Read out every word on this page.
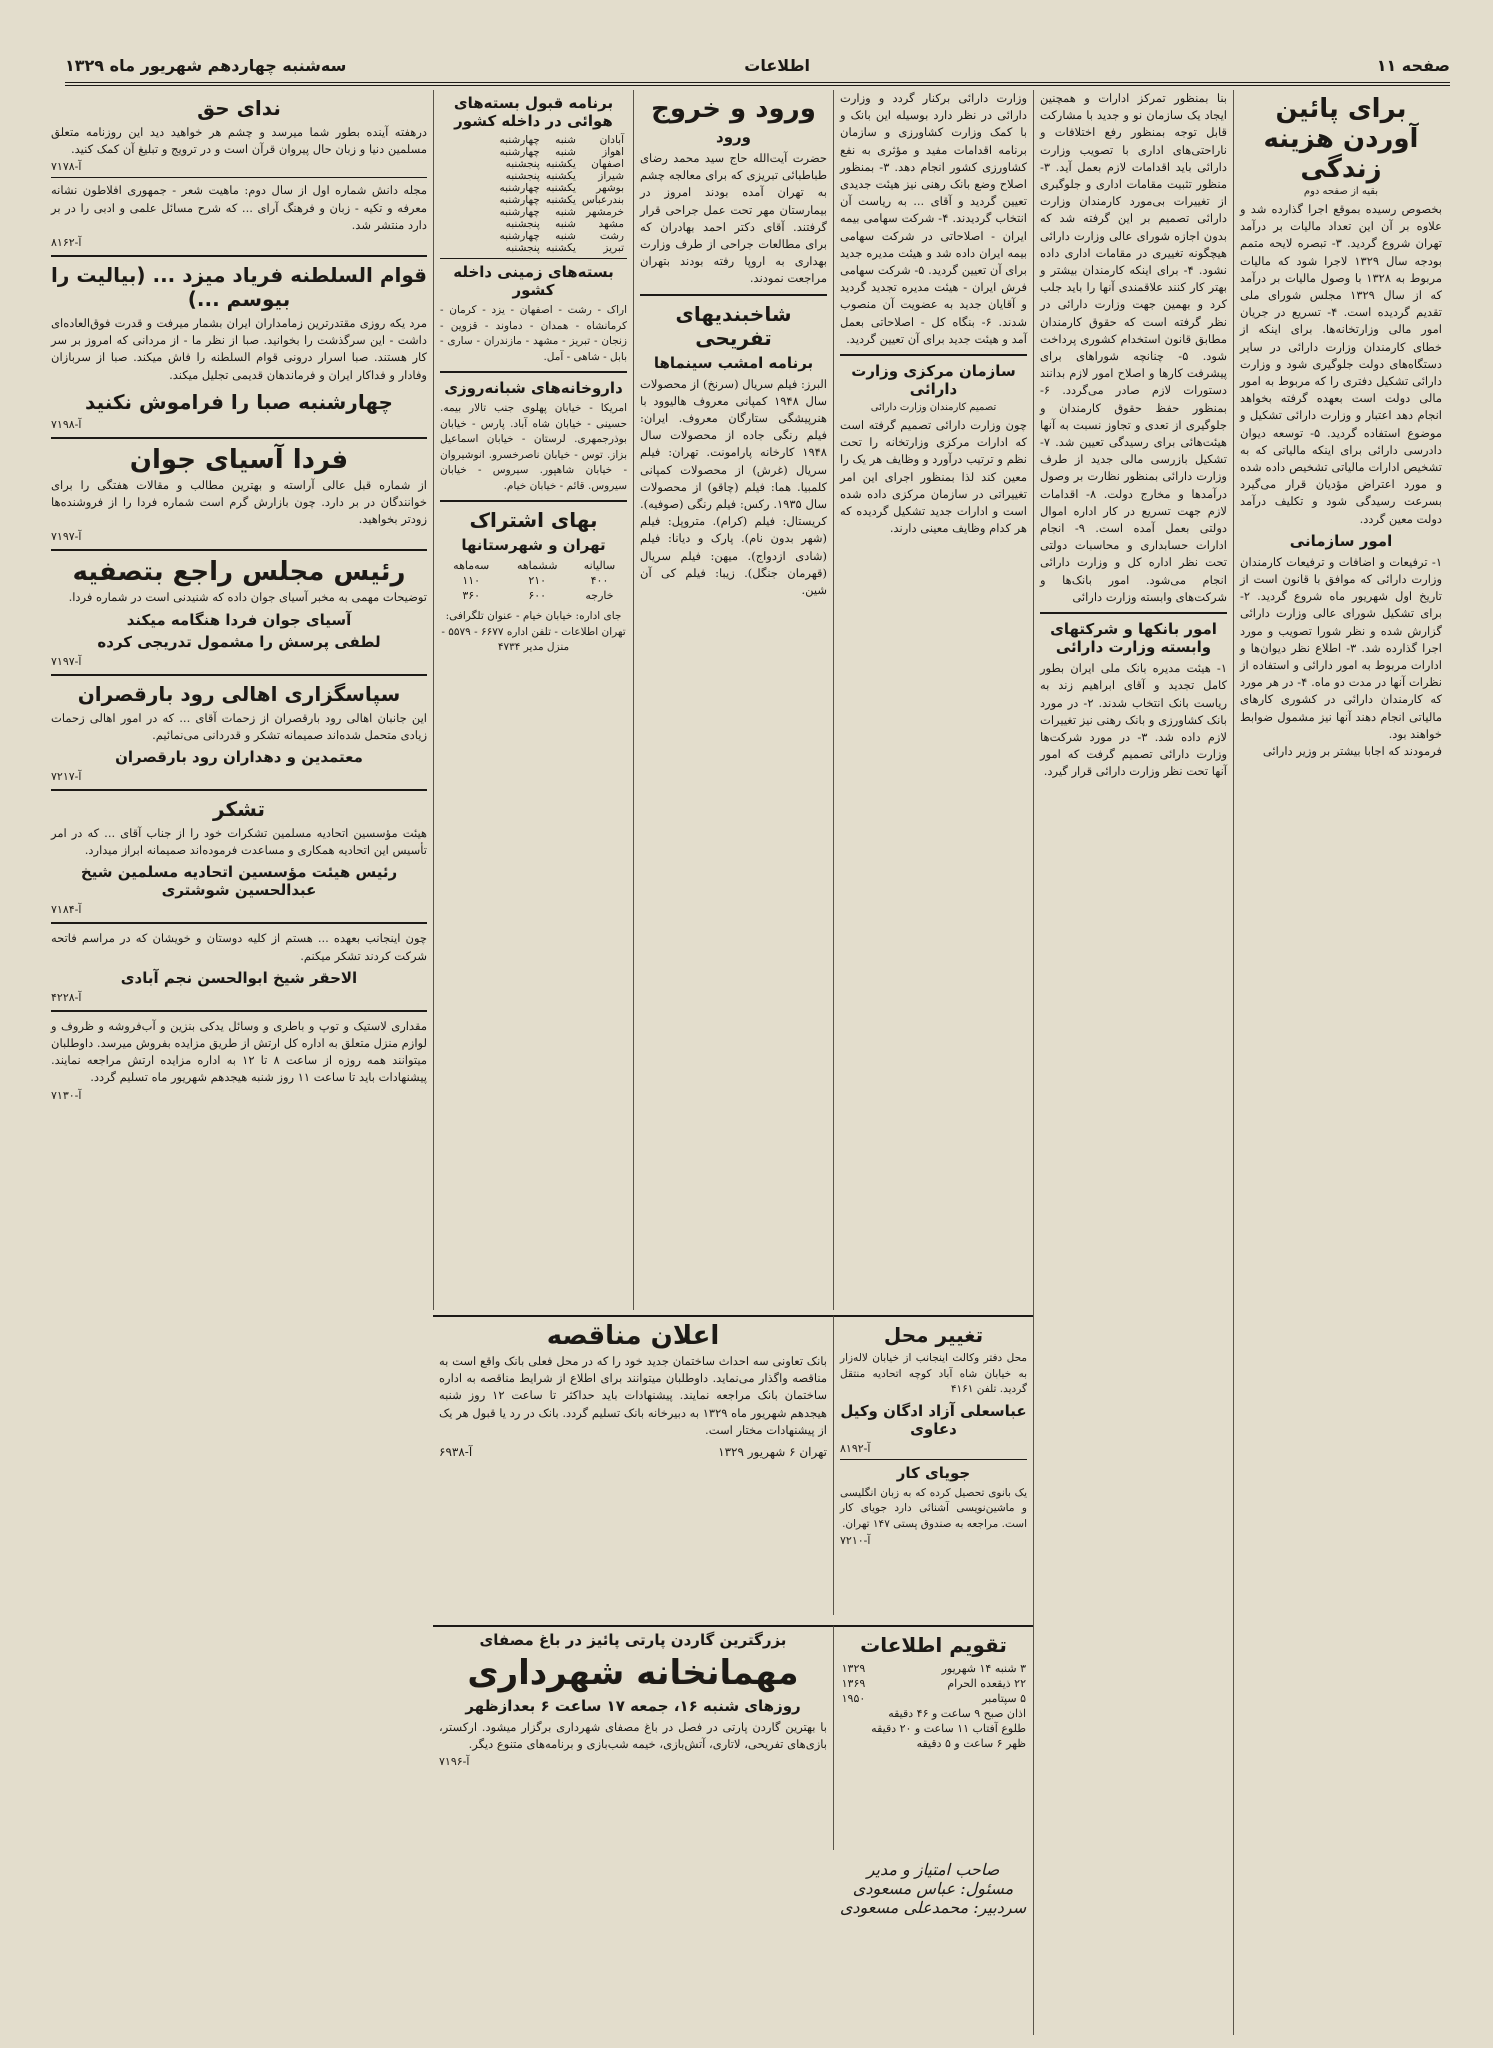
صفحه ۱۱
اطلاعات
سه‌شنبه چهاردهم شهریور ماه ۱۳۲۹
برای پائین آوردن هزینه زندگی
بقیه از صفحه دوم
بخصوص رسیده بموقع اجرا گذارده شد و علاوه بر آن این تعداد مالیات بر درآمد تهران شروع گردید. ۳- تبصره لایحه متمم بودجه سال ۱۳۲۹ لاجرا شود که مالیات مربوط به ۱۳۲۸ با وصول مالیات بر درآمد که از سال ۱۳۲۹ مجلس شورای ملی تقدیم گردیده است. ۴- تسریع در جریان امور مالی وزارتخانه‌ها. برای اینکه از خطای کارمندان وزارت دارائی در سایر دستگاه‌های دولت جلوگیری شود و وزارت دارائی تشکیل دفتری را که مربوط به امور مالی دولت است بعهده گرفته بخواهد انجام دهد اعتبار و وزارت دارائی تشکیل و موضوع استفاده گردید. ۵- توسعه دیوان دادرسی دارائی برای اینکه مالیاتی که به تشخیص ادارات مالیاتی تشخیص داده شده و مورد اعتراض مؤدیان قرار می‌گیرد بسرعت رسیدگی شود و تکلیف درآمد دولت معین گردد.
امور سازمانی
۱- ترفیعات و اضافات و ترفیعات کارمندان وزارت دارائی که موافق با قانون است از تاریخ اول شهریور ماه شروع گردید. ۲- برای تشکیل شورای عالی وزارت دارائی گزارش شده و نظر شورا تصویب و مورد اجرا گذارده شد. ۳- اطلاع نظر دیوان‌ها و ادارات مربوط به امور دارائی و استفاده از نظرات آنها در مدت دو ماه. ۴- در هر مورد که کارمندان دارائی در کشوری کارهای مالیاتی انجام دهند آنها نیز مشمول ضوابط خواهند بود.
فرمودند که اجابا بیشتر بر وزیر دارائی
بنا بمنظور تمرکز ادارات و همچنین ایجاد یک سازمان نو و جدید با مشارکت قابل توجه بمنظور رفع اختلافات و ناراحتی‌های اداری با تصویب وزارت دارائی باید اقدامات لازم بعمل آید. ۳- منظور تثبیت مقامات اداری و جلوگیری از تغییرات بی‌مورد کارمندان وزارت دارائی تصمیم بر این گرفته شد که بدون اجازه شورای عالی وزارت دارائی هیچگونه تغییری در مقامات اداری داده نشود. ۴- برای اینکه کارمندان بیشتر و بهتر کار کنند علاقمندی آنها را باید جلب کرد و بهمین جهت وزارت دارائی در نظر گرفته است که حقوق کارمندان مطابق قانون استخدام کشوری پرداخت شود. ۵- چنانچه شوراهای برای پیشرفت کارها و اصلاح امور لازم بدانند دستورات لازم صادر می‌گردد. ۶- بمنظور حفظ حقوق کارمندان و جلوگیری از تعدی و تجاوز نسبت به آنها هیئت‌هائی برای رسیدگی تعیین شد. ۷- تشکیل بازرسی مالی جدید از طرف وزارت دارائی بمنظور نظارت بر وصول درآمدها و مخارج دولت. ۸- اقدامات لازم جهت تسریع در کار اداره اموال دولتی بعمل آمده است. ۹- انجام ادارات حسابداری و محاسبات دولتی تحت نظر اداره کل و وزارت دارائی انجام می‌شود. امور بانک‌ها و شرکت‌های وابسته وزارت دارائی
امور بانکها و شرکتهای وابسته وزارت دارائی
۱- هیئت مدیره بانک ملی ایران بطور کامل تجدید و آقای ابراهیم زند به ریاست بانک انتخاب شدند. ۲- در مورد بانک کشاورزی و بانک رهنی نیز تغییرات لازم داده شد. ۳- در مورد شرکت‌ها وزارت دارائی تصمیم گرفت که امور آنها تحت نظر وزارت دارائی قرار گیرد.
وزارت دارائی برکنار گردد و وزارت دارائی در نظر دارد بوسیله این بانک و با کمک وزارت کشاورزی و سازمان برنامه اقدامات مفید و مؤثری به نفع کشاورزی کشور انجام دهد. ۳- بمنظور اصلاح وضع بانک رهنی نیز هیئت جدیدی تعیین گردید و آقای ... به ریاست آن انتخاب گردیدند. ۴- شرکت سهامی بیمه ایران - اصلاحاتی در شرکت سهامی بیمه ایران داده شد و هیئت مدیره جدید برای آن تعیین گردید. ۵- شرکت سهامی فرش ایران - هیئت مدیره تجدید گردید و آقایان جدید به عضویت آن منصوب شدند. ۶- بنگاه کل - اصلاحاتی بعمل آمد و هیئت جدید برای آن تعیین گردید.
سازمان مرکزی وزارت دارائی
تصمیم کارمندان وزارت دارائی
چون وزارت دارائی تصمیم گرفته است که ادارات مرکزی وزارتخانه را تحت نظم و ترتیب درآورد و وظایف هر یک را معین کند لذا بمنظور اجرای این امر تغییراتی در سازمان مرکزی داده شده است و ادارات جدید تشکیل گردیده که هر کدام وظایف معینی دارند.
ورود و خروج
ورود
حضرت آیت‌الله حاج سید محمد رضای طباطبائی تبریزی که برای معالجه چشم به تهران آمده بودند امروز در بیمارستان مهر تحت عمل جراحی قرار گرفتند. آقای دکتر احمد بهادران که برای مطالعات جراحی از طرف وزارت بهداری به اروپا رفته بودند بتهران مراجعت نمودند.
شاخبندیهای تفریحی
برنامه امشب سینماها
البرز: فیلم سریال (سرنخ) از محصولات سال ۱۹۴۸ کمپانی معروف هالیوود با هنرپیشگی ستارگان معروف. ایران: فیلم رنگی جاده از محصولات سال ۱۹۴۸ کارخانه پارامونت. تهران: فیلم سریال (غرش) از محصولات کمپانی کلمبیا. هما: فیلم (چاقو) از محصولات سال ۱۹۳۵. رکس: فیلم رنگی (صوفیه). کریستال: فیلم (کرام). متروپل: فیلم (شهر بدون نام). پارک و دیانا: فیلم (شادی ازدواج). میهن: فیلم سریال (قهرمان جنگل). زیبا: فیلم کی آن شین.
برنامه قبول بسته‌های هوائی در داخله کشور
آبادان	شنبه	چهارشنبه
اهواز	شنبه	چهارشنبه
اصفهان	یکشنبه	پنجشنبه
شیراز	یکشنبه	پنجشنبه
بوشهر	یکشنبه	چهارشنبه
بندرعباس	یکشنبه	چهارشنبه
خرمشهر	شنبه	چهارشنبه
مشهد	شنبه	پنجشنبه
رشت	شنبه	چهارشنبه
تبریز	یکشنبه	پنجشنبه
بسته‌های زمینی داخله کشور
اراک - رشت - اصفهان - یزد - کرمان - کرمانشاه - همدان - دماوند - قزوین - زنجان - تبریز - مشهد - مازندران - ساری - بابل - شاهی - آمل.
داروخانه‌های شبانه‌روزی
امریکا - خیابان پهلوی جنب تالار بیمه. حسینی - خیابان شاه آباد. پارس - خیابان بوذرجمهری. لرستان - خیابان اسماعیل بزاز. توس - خیابان ناصرخسرو. انوشیروان - خیابان شاهپور. سیروس - خیابان سیروس. قائم - خیابان خیام.
بهای اشتراک
تهران و شهرستانها
سالیانه	ششماهه	سه‌ماهه
۴۰۰	۲۱۰	۱۱۰
خارجه	۶۰۰	۳۶۰
جای اداره: خیابان خیام - عنوان تلگرافی: تهران اطلاعات - تلفن اداره ۶۶۷۷ - ۵۵۷۹ - منزل مدیر ۴۷۳۴
ندای حق
درهفته آینده بطور شما میرسد و چشم هر خواهید دید این روزنامه متعلق مسلمین دنیا و زبان حال پیروان قرآن است و در ترویج و تبلیغ آن کمک کنید.
آ-۷۱۷۸
مجله دانش شماره اول از سال دوم: ماهیت شعر - جمهوری افلاطون نشانه معرفه و تکیه - زبان و فرهنگ آرای ... که شرح مسائل علمی و ادبی را در بر دارد منتشر شد.
آ-۸۱۶۲
قوام السلطنه فریاد میزد ... (بیالیت را بیوسم ...)
مرد یکه روزی مقتدرترین زمامداران ایران بشمار میرفت و قدرت فوق‌العاده‌ای داشت - این سرگذشت را بخوانید. صبا از نظر ما - از مردانی که امروز بر سر کار هستند. صبا اسرار درونی قوام السلطنه را فاش میکند. صبا از سربازان وفادار و فداکار ایران و فرماندهان قدیمی تجلیل میکند.
چهارشنبه صبا را فراموش نکنید
آ-۷۱۹۸
فردا آسیای جوان
از شماره قبل عالی آراسته و بهترین مطالب و مقالات هفتگی را برای خوانندگان در بر دارد. چون بازارش گرم است شماره فردا را از فروشنده‌ها زودتر بخواهید.
آ-۷۱۹۷
رئیس مجلس راجع بتصفیه
توضیحات مهمی به مخبر آسیای جوان داده که شنیدنی است در شماره فردا.
آسیای جوان فردا هنگامه میکند
لطفی پرسش را مشمول تدریجی کرده
آ-۷۱۹۷
سپاسگزاری اهالی رود بارقصران
این جانبان اهالی رود بارقصران از زحمات آقای ... که در امور اهالی زحمات زیادی متحمل شده‌اند صمیمانه تشکر و قدردانی می‌نمائیم.
معتمدین و دهداران رود بارقصران
آ-۷۲۱۷
تشکر
هیئت مؤسسین اتحادیه مسلمین تشکرات خود را از جناب آقای ... که در امر تأسیس این اتحادیه همکاری و مساعدت فرموده‌اند صمیمانه ابراز میدارد.
رئیس هیئت مؤسسین اتحادیه مسلمین شیخ عبدالحسین شوشتری
آ-۷۱۸۴
چون اینجانب بعهده ... هستم از کلیه دوستان و خویشان که در مراسم فاتحه شرکت کردند تشکر میکنم.
الاحقر شیخ ابوالحسن نجم آبادی
آ-۴۲۲۸
مقداری لاستیک و توپ و باطری و وسائل یدکی بنزین و آب‌فروشه و ظروف و لوازم منزل متعلق به اداره کل ارتش از طریق مزایده بفروش میرسد. داوطلبان میتوانند همه روزه از ساعت ۸ تا ۱۲ به اداره مزایده ارتش مراجعه نمایند. پیشنهادات باید تا ساعت ۱۱ روز شنبه هیجدهم شهریور ماه تسلیم گردد.
آ-۷۱۳۰
اعلان مناقصه
بانک تعاونی سه احداث ساختمان جدید خود را که در محل فعلی بانک واقع است به مناقصه واگذار می‌نماید. داوطلبان میتوانند برای اطلاع از شرایط مناقصه به اداره ساختمان بانک مراجعه نمایند. پیشنهادات باید حداکثر تا ساعت ۱۲ روز شنبه هیجدهم شهریور ماه ۱۳۲۹ به دبیرخانه بانک تسلیم گردد. بانک در رد یا قبول هر یک از پیشنهادات مختار است.
تهران ۶ شهریور ۱۳۲۹
آ-۶۹۳۸
تغییر محل
محل دفتر وکالت اینجانب از خیابان لاله‌زار به خیابان شاه آباد کوچه اتحادیه منتقل گردید. تلفن ۴۱۶۱
عباسعلی آزاد ادگان وکیل دعاوی
آ-۸۱۹۲
جویای کار
یک بانوی تحصیل کرده که به زبان انگلیسی و ماشین‌نویسی آشنائی دارد جویای کار است. مراجعه به صندوق پستی ۱۴۷ تهران.
آ-۷۲۱۰
تقویم اطلاعات
۳ شنبه ۱۴ شهریور	۱۳۲۹
۲۲ ذیقعده الحرام	۱۳۶۹
۵ سپتامبر	۱۹۵۰
اذان صبح ۹ ساعت و ۴۶ دقیقه	
طلوع آفتاب ۱۱ ساعت و ۲۰ دقیقه	
ظهر ۶ ساعت و ۵ دقیقه	
صاحب امتیاز و مدیر مسئول: عباس مسعودی
سردبیر: محمدعلی مسعودی
بزرگترین گاردن پارتی پائیز در باغ مصفای
مهمانخانه شهرداری
روزهای شنبه ۱۶، جمعه ۱۷ ساعت ۶ بعدازظهر
با بهترین گاردن پارتی در فصل در باغ مصفای شهرداری برگزار میشود. ارکستر، بازی‌های تفریحی، لاتاری، آتش‌بازی، خیمه شب‌بازی و برنامه‌های متنوع دیگر.
آ-۷۱۹۶
